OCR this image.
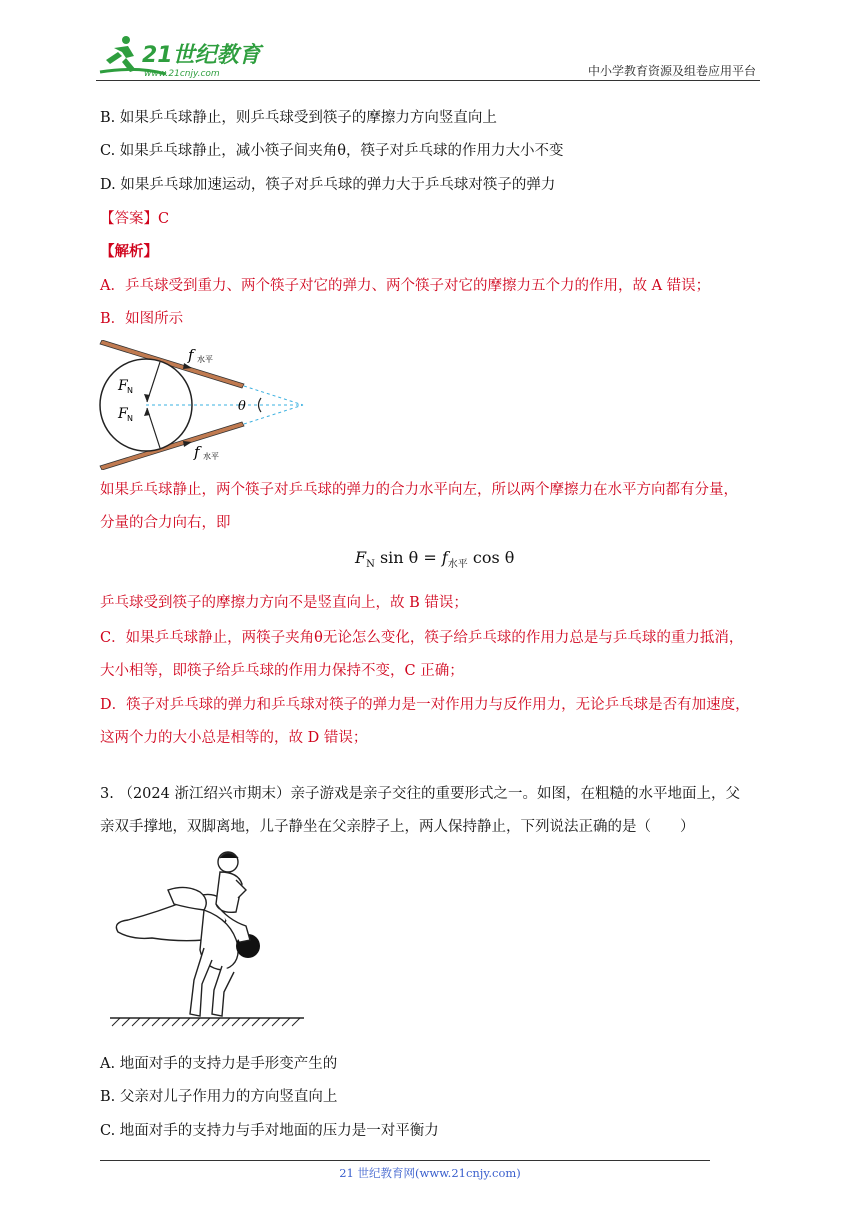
21世纪教育
www.21cnjy.com	中小学教育资源及组卷应用平台
B. 如果乒乓球静止，则乒乓球受到筷子的摩擦力方向竖直向上
C. 如果乒乓球静止，减小筷子间夹角θ，筷子对乒乓球的作用力大小不变
D. 如果乒乓球加速运动，筷子对乒乓球的弹力大于乒乓球对筷子的弹力
【答案】C
【解析】
A．乒乓球受到重力、两个筷子对它的弹力、两个筷子对它的摩擦力五个力的作用，故 A 错误；
B．如图所示
f 水平
F N
F N
θ
f 水平
如果乒乓球静止，两个筷子对乒乓球的弹力的合力水平向左，所以两个摩擦力在水平方向都有分量，
分量的合力向右，即
$F_N$ $\sin \theta = f_{水平}$ cos θ
乒乓球受到筷子的摩擦力方向不是竖直向上，故 B 错误；
C．如果乒乓球静止，两筷子夹角θ无论怎么变化，筷子给乒乓球的作用力总是与乒乓球的重力抵消，
大小相等，即筷子给乒乓球的作用力保持不变，C 正确；
D．筷子对乒乓球的弹力和乒乓球对筷子的弹力是一对作用力与反作用力，无论乒乓球是否有加速度，
这两个力的大小总是相等的，故 D 错误；
3. （2024 浙江绍兴市期末）亲子游戏是亲子交往的重要形式之一。如图，在粗糙的水平地面上，父
亲双手撑地，双脚离地，儿子静坐在父亲脖子上，两人保持静止，下列说法正确的是（　　）
A. 地面对手的支持力是手形变产生的
B. 父亲对儿子作用力的方向竖直向上
C. 地面对手的支持力与手对地面的压力是一对平衡力
21 世纪教育网(www.21cnjy.com)
